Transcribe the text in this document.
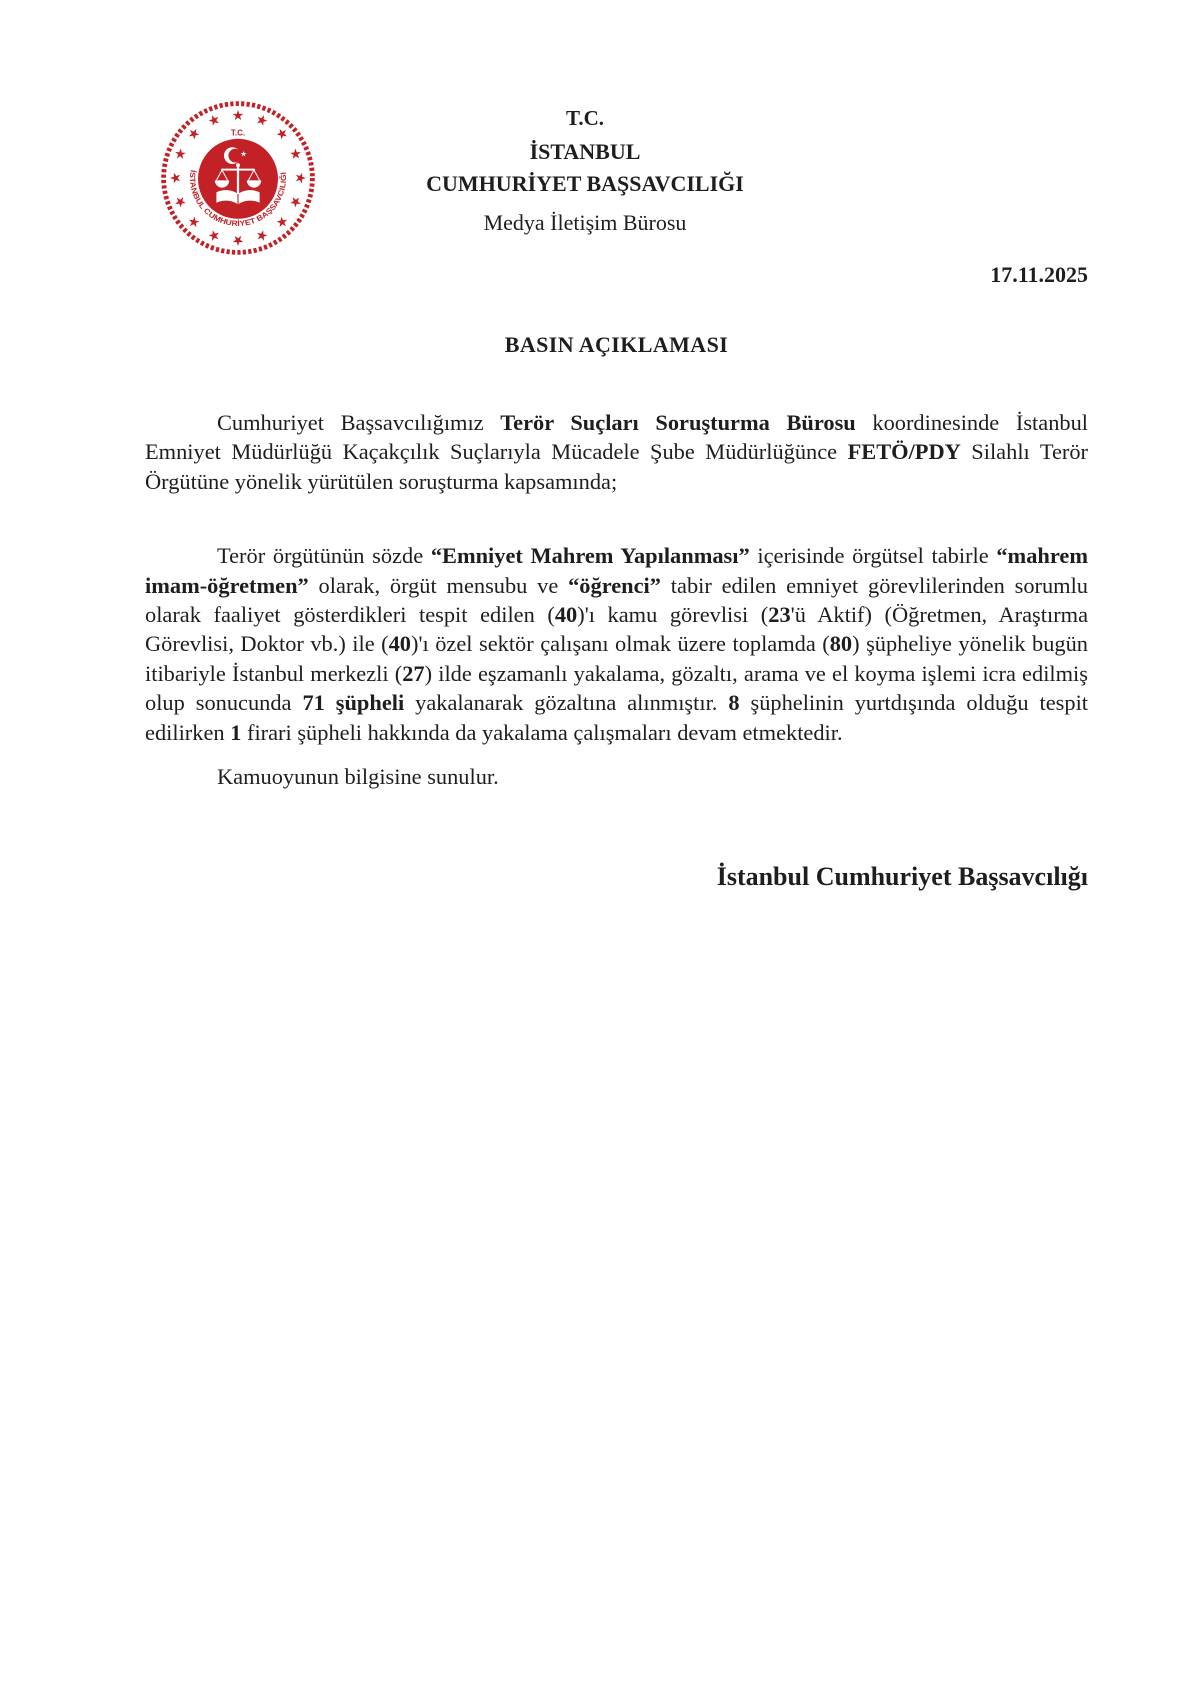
T.C.
İSTANBUL CUMHURİYET BAŞSAVCILIĞI
T.C.
İSTANBUL
CUMHURİYET BAŞSAVCILIĞI
Medya İletişim Bürosu
17.11.2025
BASIN AÇIKLAMASI

Cumhuriyet Başsavcılığımız Terör Suçları Soruşturma Bürosu koordinesinde İstanbul Emniyet Müdürlüğü Kaçakçılık Suçlarıyla Mücadele Şube Müdürlüğünce FETÖ/PDY Silahlı Terör Örgütüne yönelik yürütülen soruşturma kapsamında;

Terör örgütünün sözde “Emniyet Mahrem Yapılanması” içerisinde örgütsel tabirle “mahrem imam-öğretmen” olarak, örgüt mensubu ve “öğrenci” tabir edilen emniyet görevlilerinden sorumlu olarak faaliyet gösterdikleri tespit edilen (40)'ı kamu görevlisi (23'ü Aktif) (Öğretmen, Araştırma Görevlisi, Doktor vb.) ile (40)'ı özel sektör çalışanı olmak üzere toplamda (80) şüpheliye yönelik bugün itibariyle İstanbul merkezli (27) ilde eşzamanlı yakalama, gözaltı, arama ve el koyma işlemi icra edilmiş olup sonucunda 71 şüpheli yakalanarak gözaltına alınmıştır. 8 şüphelinin yurtdışında olduğu tespit edilirken 1 firari şüpheli hakkında da yakalama çalışmaları devam etmektedir.

Kamuoyunun bilgisine sunulur.

İstanbul Cumhuriyet Başsavcılığı
